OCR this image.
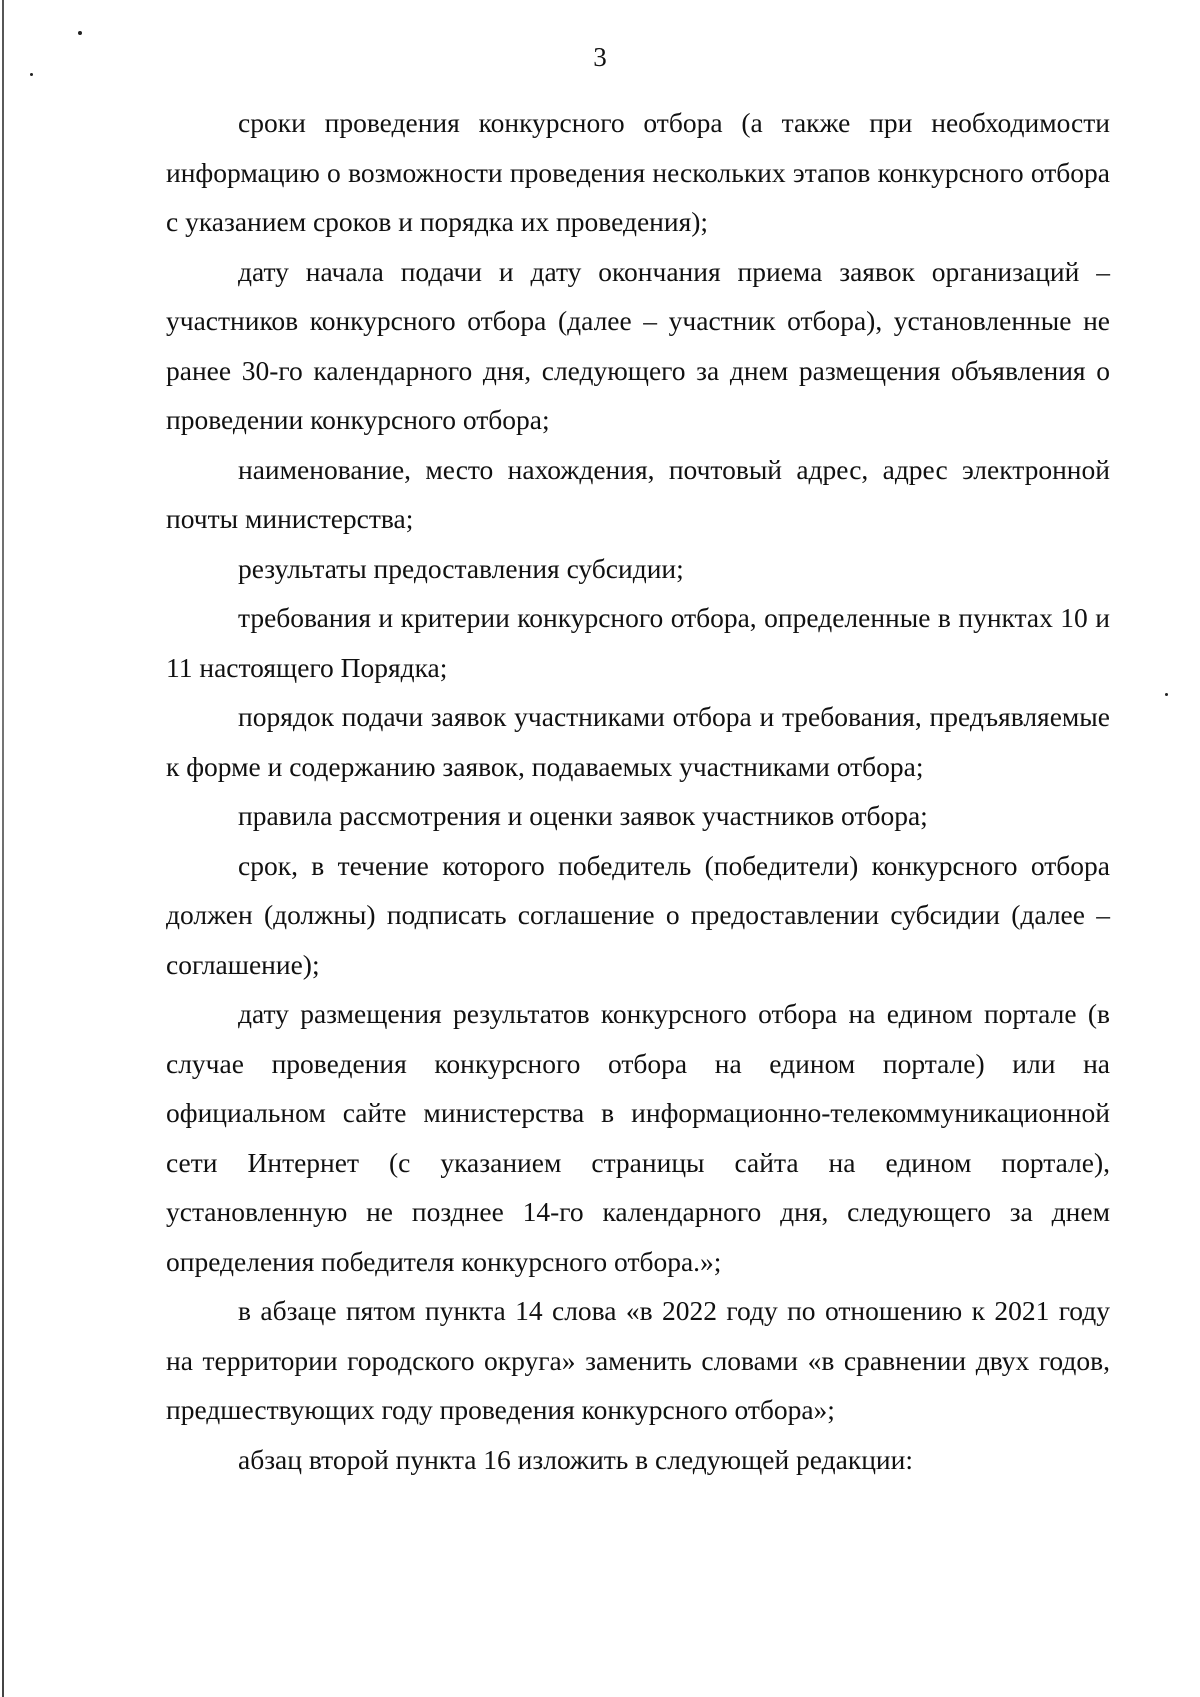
3

сроки проведения конкурсного отбора (а также при необходимости информацию о возможности проведения нескольких этапов конкурсного отбора с указанием сроков и порядка их проведения);

дату начала подачи и дату окончания приема заявок организаций – участников конкурсного отбора (далее – участник отбора), установленные не ранее 30-го календарного дня, следующего за днем размещения объявления о проведении конкурсного отбора;

наименование, место нахождения, почтовый адрес, адрес электронной почты министерства;

результаты предоставления субсидии;

требования и критерии конкурсного отбора, определенные в пунктах 10 и 11 настоящего Порядка;

порядок подачи заявок участниками отбора и требования, предъявляемые к форме и содержанию заявок, подаваемых участниками отбора;

правила рассмотрения и оценки заявок участников отбора;

срок, в течение которого победитель (победители) конкурсного отбора должен (должны) подписать соглашение о предоставлении субсидии (далее – соглашение);

дату размещения результатов конкурсного отбора на едином портале (в случае проведения конкурсного отбора на едином портале) или на официальном сайте министерства в информационно-телекоммуникационной сети Интернет (с указанием страницы сайта на едином портале), установленную не позднее 14-го календарного дня, следующего за днем определения победителя конкурсного отбора.»;

в абзаце пятом пункта 14 слова «в 2022 году по отношению к 2021 году на территории городского округа» заменить словами «в сравнении двух годов, предшествующих году проведения конкурсного отбора»;

абзац второй пункта 16 изложить в следующей редакции:
